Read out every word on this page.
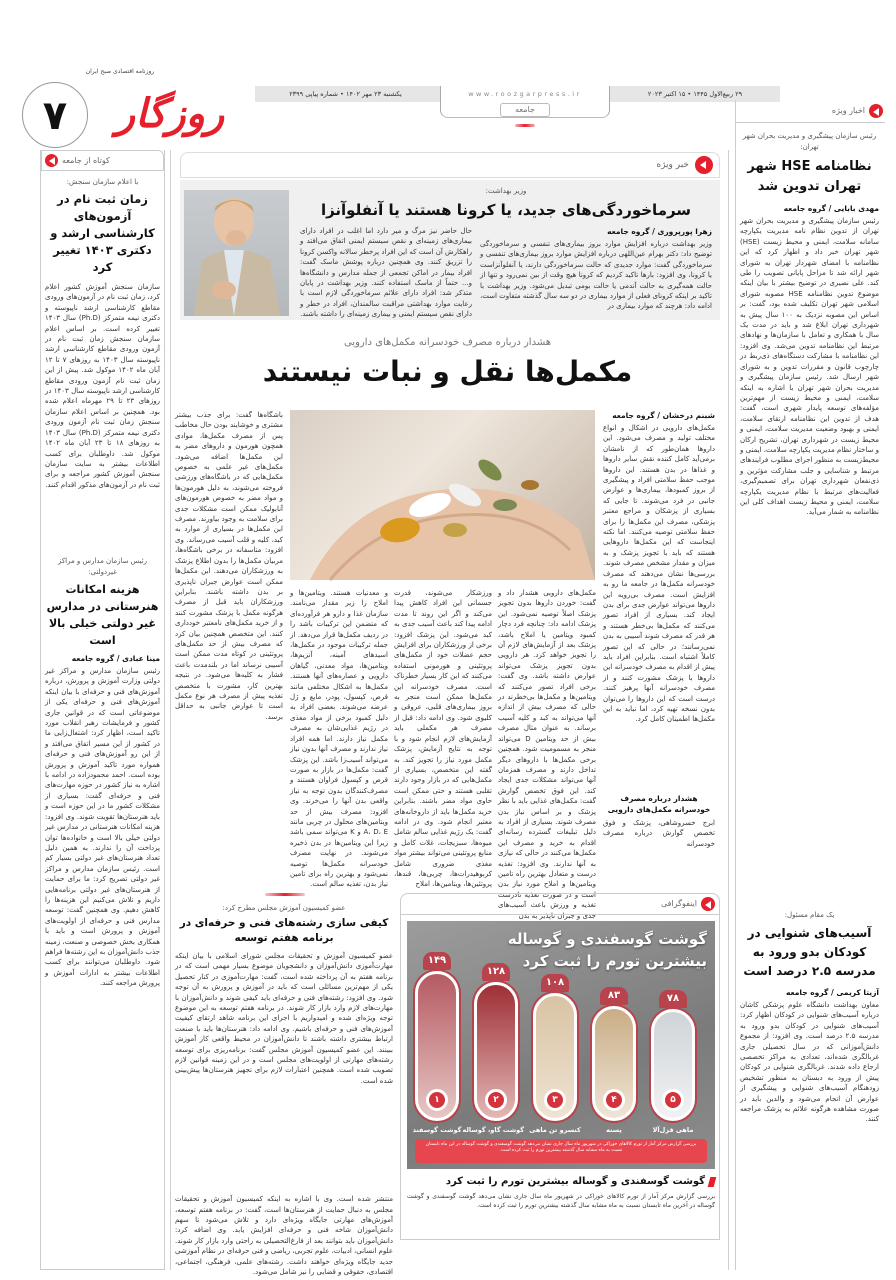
روزنامه اقتصادی صبح ایران
۷	روزگار	یکشنبه ۲۳ مهر ۱۴۰۲ • شماره پیاپی ۲۳۹۹	www.roozgarpress.ir
جامعه
۲۹ ربیع‌الاول ۱۴۴۵ • ۱۵ اکتبر ۲۰۲۳
اخبار ویژه
رئیس سازمان پیشگیری و مدیریت بحران شهر تهران:
نظامنامه HSE شهر تهران تدوین شد
مهدی بابایی / گروه جامعه
رئیس سازمان پیشگیری و مدیریت بحران شهر تهران از تدوین نظام نامه مدیریت یکپارچه سامانه سلامت، ایمنی و محیط زیست (HSE) شهر تهران خبر داد و اظهار کرد که این نظامنامه با امضای شهردار تهران به شورای شهر ارائه شد تا مراحل پایانی تصویب را طی کند. علی نصیری در توضیح بیشتر با بیان اینکه موضوع تدوین نظامنامه HSE مصوبه شورای اسلامی شهر تهران تکلیف شده بود، گفت: بر اساس این مصوبه نزدیک به ۱۰۰ سال پیش به شهرداری تهران ابلاغ شد و باید در مدت یک سال با همکاری و تعامل با سازمان‌ها و نهادهای مرتبط این نظامنامه تدوین می‌شد. وی افزود: این نظامنامه با مشارکت دستگاه‌های ذی‌ربط در چارچوب قانون و مقررات تدوین و به شورای شهر ارسال شد. رئیس سازمان پیشگیری و مدیریت بحران شهر تهران با اشاره به اینکه سلامت، ایمنی و محیط زیست از مهم‌ترین مؤلفه‌های توسعه پایدار شهری است، گفت: هدف از تدوین این نظامنامه ارتقای سلامت، ایمنی و بهبود وضعیت مدیریت سلامت، ایمنی و محیط زیست در شهرداری تهران، تشریح ارکان و ساختار نظام مدیریت یکپارچه سلامت، ایمنی و محیط‌زیست به منظور اجرای مطلوب فرایندهای مرتبط و شناسایی و جلب مشارکت مؤثرین و ذی‌نفعان شهرداری تهران برای تصمیم‌گیری، فعالیت‌های مرتبط با نظام مدیریت یکپارچه سلامت، ایمنی و محیط زیست اهداف کلی این نظامنامه به شمار می‌آید.
یک مقام مسئول:
آسیب‌های شنوایی در کودکان بدو ورود به مدرسه ۲.۵ درصد است
آزیتا کریمی / گروه جامعه
معاون بهداشت دانشگاه علوم پزشکی کاشان درباره آسیب‌های شنوایی در کودکان اظهار کرد: آسیب‌های شنوایی در کودکان بدو ورود به مدرسه ۲.۵ درصد است. وی افزود: از مجموع دانش‌آموزانی که در سال تحصیلی جاری غربالگری شده‌اند، تعدادی به مراکز تخصصی ارجاع داده شدند. غربالگری شنوایی در کودکان پیش از ورود به دبستان به منظور تشخیص زودهنگام آسیب‌های شنوایی و پیشگیری از عوارض آن انجام می‌شود و والدین باید در صورت مشاهده هرگونه علائم به پزشک مراجعه کنند.
کوتاه از جامعه
با اعلام سازمان سنجش:
زمان ثبت نام در آزمون‌های کارشناسی ارشد و دکتری ۱۴۰۳ تغییر کرد
سازمان سنجش آموزش کشور اعلام کرد، زمان ثبت نام در آزمون‌های ورودی مقاطع کارشناسی ارشد ناپیوسته و دکتری نیمه متمرکز (Ph.D) سال ۱۴۰۳ تغییر کرده است. بر اساس اعلام سازمان سنجش زمان ثبت نام در آزمون ورودی مقاطع کارشناسی ارشد ناپیوسته سال ۱۴۰۳ به روزهای ۷ تا ۱۲ آبان ماه ۱۴۰۲ موکول شد. پیش از این زمان ثبت نام آزمون ورودی مقاطع کارشناسی ارشد ناپیوسته سال ۱۴۰۳ در روزهای ۲۳ تا ۲۹ مهرماه اعلام شده بود. همچنین بر اساس اعلام سازمان سنجش زمان ثبت نام آزمون ورودی دکتری نیمه متمرکز (Ph.D) سال ۱۴۰۳ به روزهای ۱۸ تا ۲۳ آبان ماه ۱۴۰۲ موکول شد. داوطلبان برای کسب اطلاعات بیشتر به سایت سازمان سنجش آموزش کشور مراجعه و برای ثبت نام در آزمون‌های مذکور اقدام کنند.
رئیس سازمان مدارس و مراکز غیردولتی:
هزینه امکانات هنرستانی در مدارس غیر دولتی خیلی بالا است
مینا عبادی / گروه جامعه
رئیس سازمان مدارس و مراکز غیر دولتی وزارت آموزش و پرورش، درباره آموزش‌های فنی و حرفه‌ای با بیان اینکه آموزش‌های فنی و حرفه‌ای یکی از موضوعاتی است که در قوانین جاری کشور و فرمایشات رهبر انقلاب مورد تاکید است، اظهار کرد: اشتغال‌زایی ما در کشور از این مسیر اتفاق می‌افتد و از این رو آموزش‌های فنی و حرفه‌ای همواره مورد تاکید آموزش و پرورش بوده است. احمد محمودزاده در ادامه با اشاره به نیاز کشور در حوزه مهارت‌های فنی و حرفه‌ای گفت: بسیاری از مشکلات کشور ما در این حوزه است و باید هنرستان‌ها تقویت شوند. وی افزود: هزینه امکانات هنرستانی در مدارس غیر دولتی خیلی بالا است و خانواده‌ها توان پرداخت آن را ندارند. به همین دلیل تعداد هنرستان‌های غیر دولتی بسیار کم است. رئیس سازمان مدارس و مراکز غیر دولتی تصریح کرد: ما برای حمایت از هنرستان‌های غیر دولتی برنامه‌هایی داریم و تلاش می‌کنیم این هزینه‌ها را کاهش دهیم. وی همچنین گفت: توسعه مدارس فنی و حرفه‌ای از اولویت‌های آموزش و پرورش است و باید با همکاری بخش خصوصی و صنعت، زمینه جذب دانش‌آموزان به این رشته‌ها فراهم شود. داوطلبان می‌توانند برای کسب اطلاعات بیشتر به ادارات آموزش و پرورش مراجعه کنند.
خبر ویژه
وزیر بهداشت:
سرماخوردگی‌های جدید، یا کرونا هستند یا آنفلوآنزا
زهرا پورپروری / گروه جامعه
وزیر بهداشت درباره افزایش موارد بروز بیماری‌های تنفسی و سرماخوردگی توضیح داد: دکتر بهرام عین‌اللهی درباره افزایش موارد بروز بیماری‌های تنفسی و سرماخوردگی گفت: موارد جدیدی که حالت سرماخوردگی دارند، یا آنفلوآنزاست یا کرونا، وی افزود: بارها تاکید کردیم که کرونا هیچ وقت از بین نمی‌رود و تنها از حالت همه‌گیری به حالت آندمی یا حالت بومی تبدیل می‌شود. وزیر بهداشت با تاکید بر اینکه کرونای فعلی از موارد بیماری در دو سه سال گذشته متفاوت است، ادامه داد: هرچند که موارد بیماری در
حال حاضر نیز مرگ و میر دارد اما اغلب در افراد دارای بیماری‌های زمینه‌ای و نقص سیستم ایمنی اتفاق می‌افتد و راهکارش آن است که این افراد پرخطر سالانه واکسن کرونا را تزریق کنند. وی همچنین درباره پوشش ماسک گفت: افراد بیمار در اماکن تجمعی از جمله مدارس و دانشگاه‌ها و... حتماً از ماسک استفاده کنند. وزیر بهداشت در پایان متذکر شد: افراد دارای علائم سرماخوردگی لازم است با رعایت موارد بهداشتی مراقبت سالمندان، افراد در خطر و دارای نقص سیستم ایمنی و بیماری زمینه‌ای را داشته باشند.
هشدار درباره مصرف خودسرانه مکمل‌های دارویی
مکمل‌ها نقل و نبات نیستند
شبنم درخشان / گروه جامعه
مکمل‌های دارویی در اشکال و انواع مختلف تولید و مصرف می‌شود. این داروها همان‌طور که از نامشان برمی‌آید کامل کننده نقش سایر داروها و غذاها در بدن هستند. این داروها موجب حفظ سلامتی افراد و پیشگیری از بروز کمبودها، بیماری‌ها و عوارض جانبی در فرد می‌شوند. تا جایی که بسیاری از پزشکان و مراجع معتبر پزشکی، مصرف این مکمل‌ها را برای حفظ سلامتی توصیه می‌کنند. اما نکته اینجاست که این مکمل‌ها داروهایی هستند که باید با تجویز پزشک و به میزان و مقدار مشخص مصرف شوند. بررسی‌ها نشان می‌دهند که مصرف خودسرانه مکمل‌ها در جامعه ما رو به افزایش است. مصرف بی‌رویه این داروها می‌تواند عوارض جدی برای بدن ایجاد کند. بسیاری از افراد تصور می‌کنند که مکمل‌ها بی‌خطر هستند و هر قدر که مصرف شوند آسیبی به بدن نمی‌رسانند؛ در حالی که این تصور کاملاً اشتباه است. بنابراین افراد باید پیش از اقدام به مصرف خودسرانه این داروها با پزشک مشورت کنند و از مصرف خودسرانه آنها پرهیز کنند. درست است که این داروها را می‌توان بدون نسخه تهیه کرد، اما نباید به این مکمل‌ها اطمینان کامل کرد.
هشدار درباره مصرف خودسرانه مکمل‌های دارویی
ابرج خسروشاهی، پزشک و فوق تخصص گوارش درباره مصرف خودسرانه
باشگاه‌ها گفت: برای جذب بیشتر مشتری و خوشایند بودن حال مخاطب پس از مصرف مکمل‌ها، موادی همچون هورمون و داروهای مضر به این مکمل‌ها اضافه می‌شود. مکمل‌های غیر علمی به خصوص مکمل‌هایی که در باشگاه‌های ورزشی فروخته می‌شوند، به دلیل هورمون‌ها و مواد مضر به خصوص هورمون‌های آنابولیک ممکن است مشکلات جدی برای سلامت به وجود بیاورند. مصرف این مکمل‌ها در بسیاری از موارد به کبد، کلیه و قلب آسیب می‌رساند. وی افزود: متاسفانه در برخی باشگاه‌ها، مربیان مکمل‌ها را بدون اطلاع پزشک به ورزشکاران می‌دهند. این مکمل‌ها ممکن است عوارض جبران ناپذیری بر بدن داشته باشند. بنابراین ورزشکاران باید قبل از مصرف هرگونه مکمل با پزشک مشورت کنند و از خرید مکمل‌های نامعتبر خودداری کنند. این متخصص همچنین بیان کرد که مصرف بیش از حد مکمل‌های پروتئینی در کوتاه مدت ممکن است آسیبی نرساند اما در بلندمدت باعث فشار به کلیه‌ها می‌شود. در نتیجه بهترین کار، مشورت با متخصص تغذیه پیش از مصرف هر نوع مکمل است تا عوارض جانبی به حداقل برسد.
و معدنیات هستند. ویتامین‌ها و املاح را زیر مقدار می‌نامند. سازمان غذا و دارو هر فرآورده‌ای که متضمن این ترکیبات باشد را در ردیف مکمل‌ها قرار می‌دهد. از جمله ترکیبات موجود در مکمل‌ها، اسیدهای آمینه، آنزیم‌ها، ویتامین‌ها، مواد معدنی، گیاهان دارویی و عصاره‌های آنها هستند. مکمل‌ها به اشکال مختلفی مانند قرص، کپسول، پودر، مایع و ژل عرضه می‌شوند. بعضی افراد به دلیل کمبود برخی از مواد مغذی در رژیم غذایی‌شان به مصرف مکمل نیاز دارند. اما همه افراد نیاز ندارند و مصرف آنها بدون نیاز می‌تواند آسیب‌زا باشد. این پزشک گفت: مکمل‌ها در بازار به صورت قرص و کپسول فراوان هستند و مصرف‌کنندگان بدون توجه به نیاز واقعی بدن آنها را می‌خرند. وی افزود: مصرف بیش از حد ویتامین‌های محلول در چربی مانند A، D، E و K می‌تواند سمی باشد زیرا این ویتامین‌ها در بدن ذخیره می‌شوند. در نهایت مصرف خودسرانه مکمل‌ها توصیه نمی‌شود و بهترین راه برای تامین نیاز بدن، تغذیه سالم است.
ورزشکار می‌شوند، قدرت جسمانی این افراد کاهش پیدا می‌کند و اگر این روند تا مدت ادامه پیدا کند باعث آسیب جدی به کبد می‌شود. این پزشک افزود: برخی از ورزشکاران برای افزایش حجم عضلات خود از مکمل‌های پروتئینی و هورمونی استفاده می‌کنند که این کار بسیار خطرناک است. مصرف خودسرانه این مکمل‌ها ممکن است منجر به بروز بیماری‌های قلبی، عروقی و کلیوی شود. وی ادامه داد: قبل از مصرف هر مکملی باید آزمایش‌های لازم انجام شود و با توجه به نتایج آزمایش، پزشک مکمل مورد نیاز را تجویز کند. به گفته این متخصص، بسیاری از مکمل‌هایی که در بازار وجود دارند تقلبی هستند و حتی ممکن است حاوی مواد مضر باشند. بنابراین خرید مکمل‌ها باید از داروخانه‌های معتبر انجام شود. وی در ادامه گفت: یک رژیم غذایی سالم شامل میوه‌ها، سبزیجات، غلات کامل و منابع پروتئینی می‌تواند بیشتر مواد مغذی ضروری شامل کربوهیدرات‌ها، چربی‌ها، قندها، پروتئین‌ها، ویتامین‌ها، املاح
مکمل‌های دارویی هشدار داد و گفت: خوردن داروها بدون تجویز پزشک اصلاً توصیه نمی‌شود. این پزشک ادامه داد: چنانچه فرد دچار کمبود ویتامین یا املاح باشد، پزشک بعد از آزمایش‌های لازم آن را تجویز خواهد کرد. هر دارویی بدون تجویز پزشک می‌تواند عوارض داشته باشد. وی گفت: برخی افراد تصور می‌کنند که ویتامین‌ها و مکمل‌ها بی‌خطرند در حالی که مصرف بیش از اندازه آنها می‌تواند به کبد و کلیه آسیب برساند. به عنوان مثال مصرف بیش از حد ویتامین D می‌تواند منجر به مسمومیت شود. همچنین برخی مکمل‌ها با داروهای دیگر تداخل دارند و مصرف همزمان آنها می‌تواند مشکلات جدی ایجاد کند. این فوق تخصص گوارش گفت: مکمل‌های غذایی باید با نظر پزشک و بر اساس نیاز بدن مصرف شوند. بسیاری از افراد به دلیل تبلیغات گسترده رسانه‌ای اقدام به خرید و مصرف این مکمل‌ها می‌کنند در حالی که نیازی به آنها ندارند. وی افزود: تغذیه درست و متعادل بهترین راه تامین ویتامین‌ها و املاح مورد نیاز بدن است و در صورت تغذیه نادرست تغذیه و ورزش باعث آسیب‌های جدی و جبران ناپذیر به بدن
عضو کمیسیون آموزش مجلس مطرح کرد:
کیفی سازی رشته‌های فنی و حرفه‌ای در برنامه هفتم توسعه
عضو کمیسیون آموزش و تحقیقات مجلس شورای اسلامی با بیان اینکه مهارت‌آموزی دانش‌آموزان و دانشجویان موضوع بسیار مهمی است که در برنامه هفتم به آن پرداخته شده است، گفت: مهارت‌آموزی در کنار تحصیل یکی از مهم‌ترین مسائلی است که باید در آموزش و پرورش به آن توجه شود. وی افزود: رشته‌های فنی و حرفه‌ای باید کیفی شوند و دانش‌آموزان با مهارت‌های لازم وارد بازار کار شوند. در برنامه هفتم توسعه به این موضوع توجه ویژه‌ای شده و امیدواریم با اجرای این برنامه شاهد ارتقای کیفیت آموزش‌های فنی و حرفه‌ای باشیم. وی ادامه داد: هنرستان‌ها باید با صنعت ارتباط بیشتری داشته باشند تا دانش‌آموزان در محیط واقعی کار آموزش ببینند. این عضو کمیسیون آموزش مجلس گفت: برنامه‌ریزی برای توسعه رشته‌های مهارتی از اولویت‌های مجلس است و در این زمینه قوانین لازم تصویب شده است. همچنین اعتبارات لازم برای تجهیز هنرستان‌ها پیش‌بینی شده است.
منتشر شده است. وی با اشاره به اینکه کمیسیون آموزش و تحقیقات مجلس به دنبال حمایت از هنرستان‌ها است، گفت: در برنامه هفتم توسعه، آموزش‌های مهارتی جایگاه ویژه‌ای دارد و تلاش می‌شود تا سهم دانش‌آموزان شاخه فنی و حرفه‌ای افزایش یابد. وی اضافه کرد: دانش‌آموزان باید بتوانند بعد از فارغ‌التحصیلی به راحتی وارد بازار کار شوند. علوم انسانی، ادبیات، علوم تجربی، ریاضی و فنی حرفه‌ای در نظام آموزشی جدید جایگاه ویژه‌ای خواهند داشت. رشته‌های علمی، فرهنگی، اجتماعی، اقتصادی، حقوقی و قضایی را نیز شامل می‌شود.
اینفوگرافی
گوشت گوسفندی و گوساله
بیشترین تورم را ثبت کرد
۱۴۹
۱
گوشت گوسفند
۱۲۸
۲
گوشت گاو، گوساله
۱۰۸
۳
کنسرو تن ماهی
۸۳
۴
پسته
۷۸
۵
ماهی قزل‌آلا
بررسی گزارش مرکز آمار از تورم کالاهای خوراکی در شهریور ماه سال جاری نشان می‌دهد گوشت گوسفندی و گوشت گوساله در این ماه تابستان نسبت به ماه مشابه سال گذشته بیشترین تورم را ثبت کرده است.
گوشت گوسفندی و گوساله بیشترین تورم را ثبت کرد
بررسی گزارش مرکز آمار از تورم کالاهای خوراکی در شهریور ماه سال جاری نشان می‌دهد گوشت گوسفندی و گوشت گوساله در آخرین ماه تابستان نسبت به ماه مشابه سال گذشته بیشترین تورم را ثبت کرده است.
